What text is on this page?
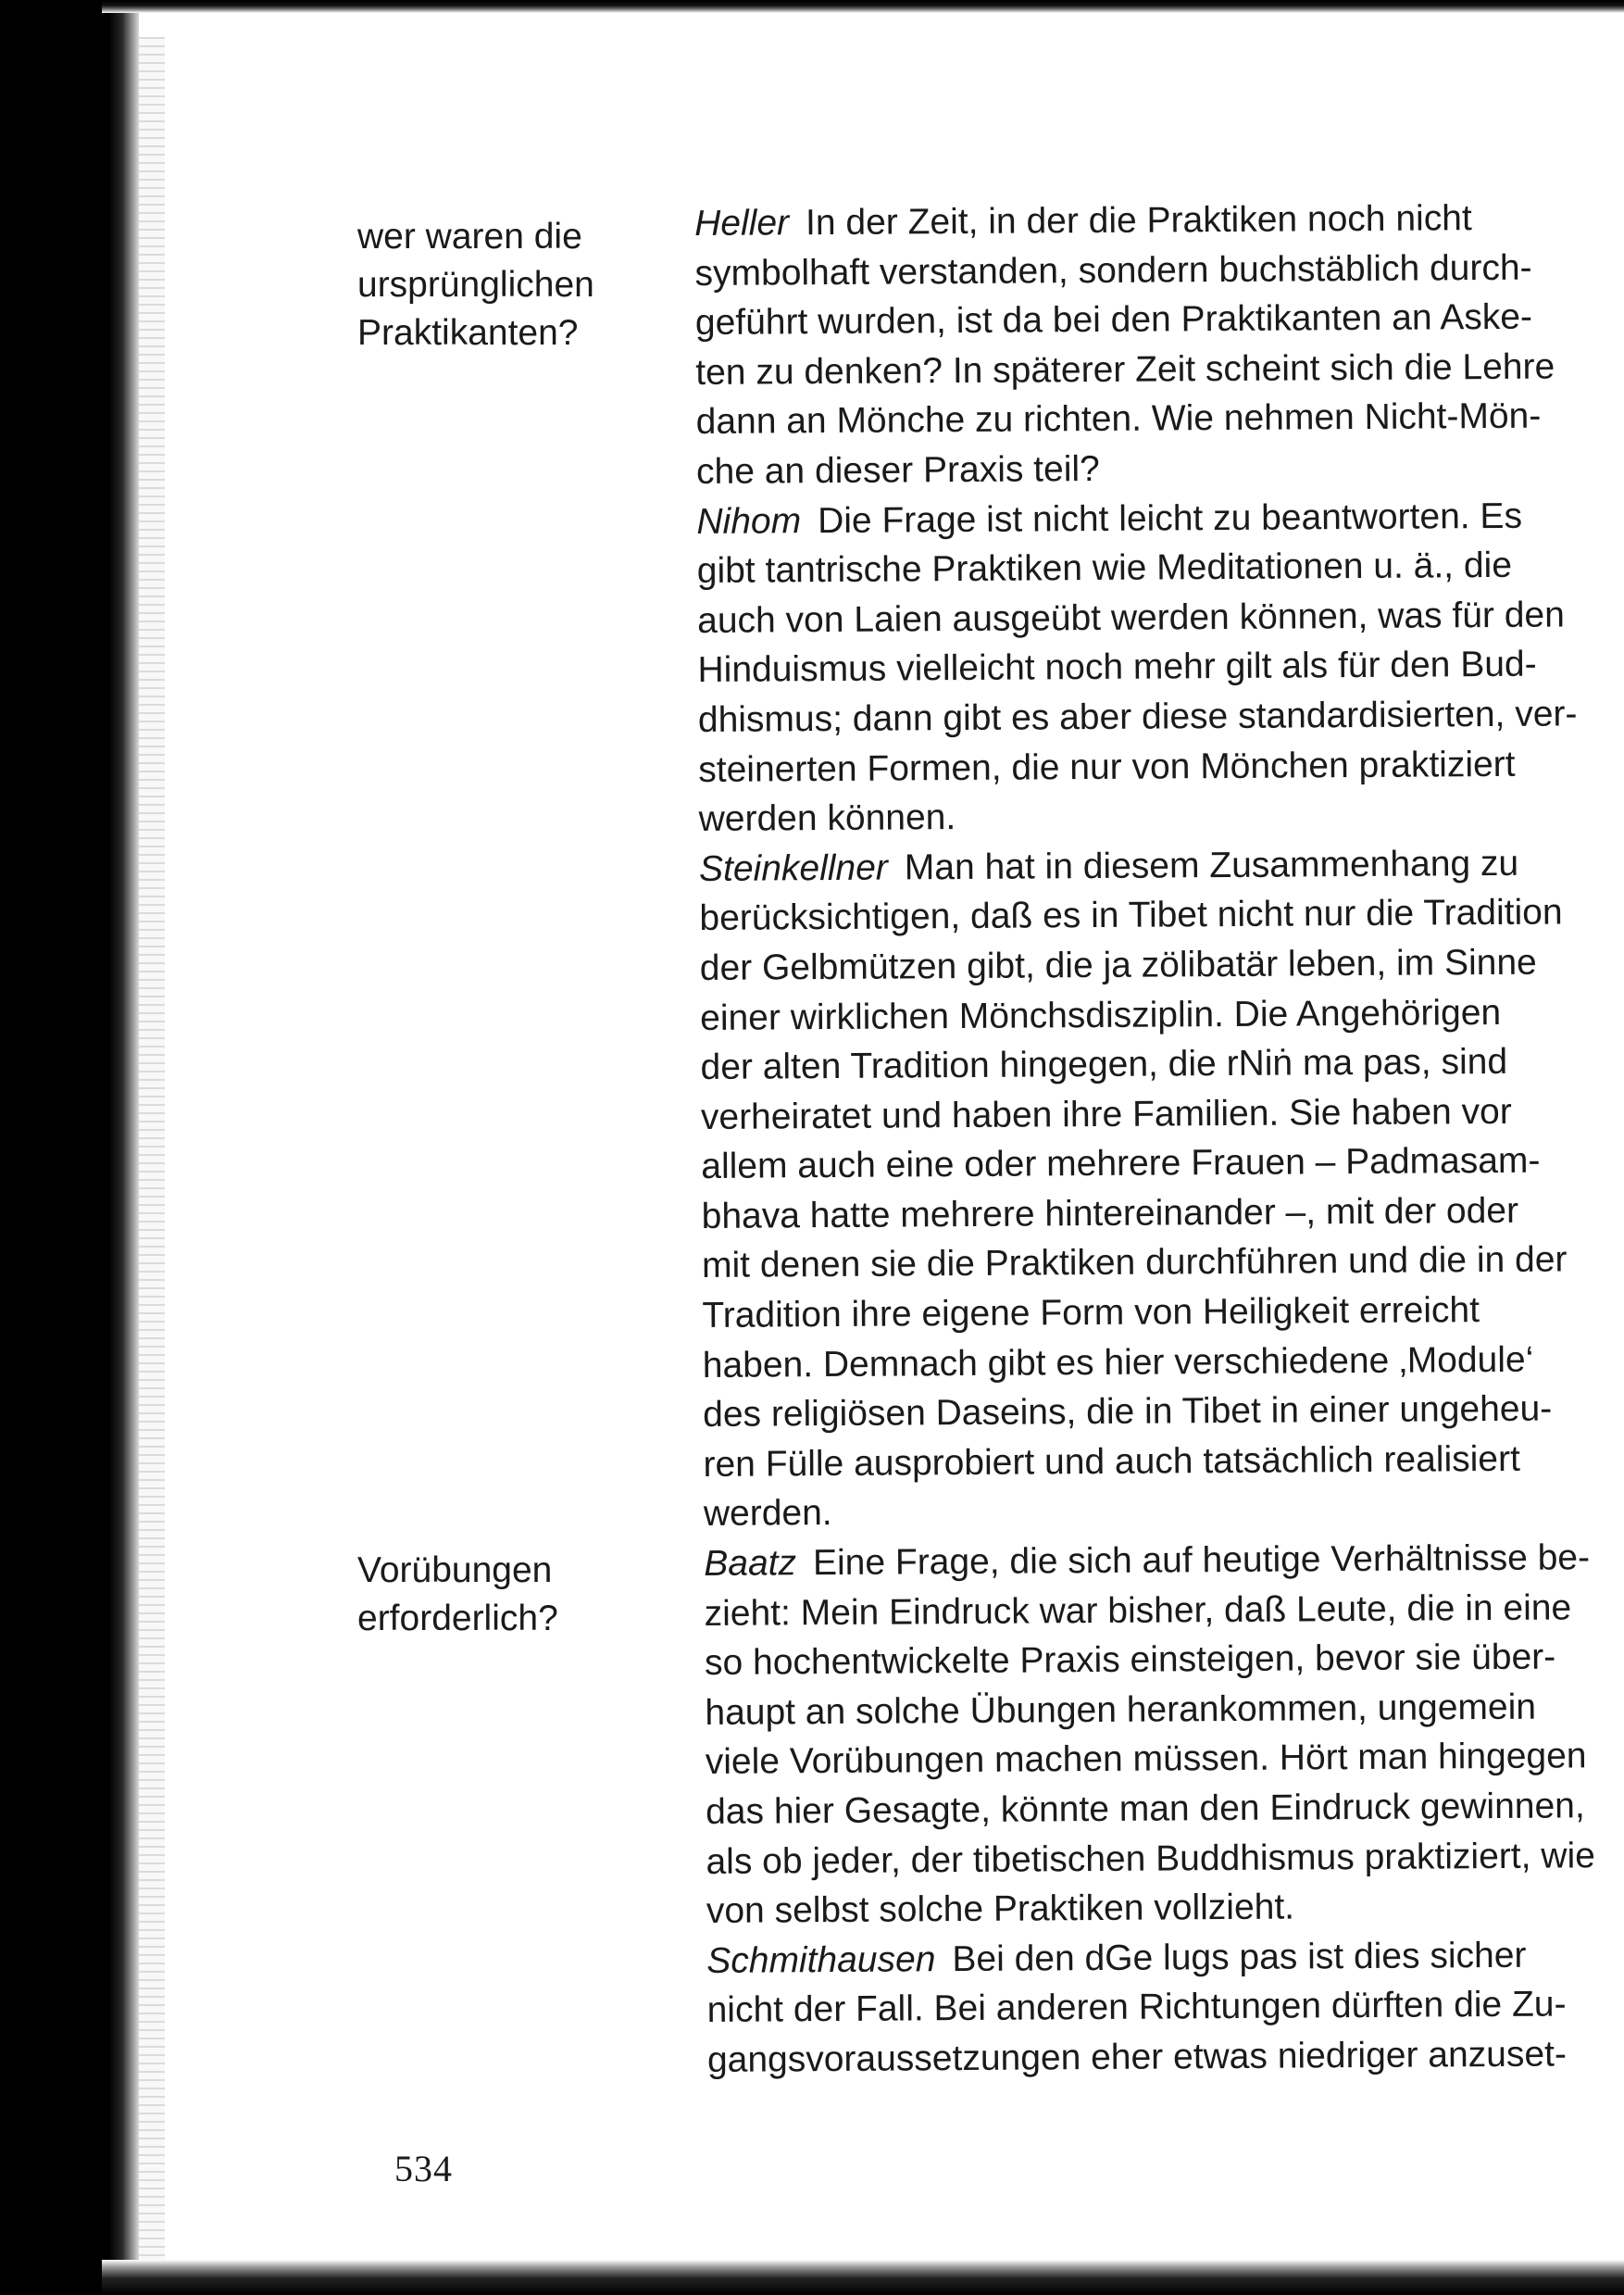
wer waren die
ursprünglichen
Praktikanten?
Vorübungen
erforderlich?
Heller In der Zeit, in der die Praktiken noch nicht
symbolhaft verstanden, sondern buchstäblich durch-
geführt wurden, ist da bei den Praktikanten an Aske-
ten zu denken? In späterer Zeit scheint sich die Lehre
dann an Mönche zu richten. Wie nehmen Nicht-Mön-
che an dieser Praxis teil?
Nihom Die Frage ist nicht leicht zu beantworten. Es
gibt tantrische Praktiken wie Meditationen u. ä., die
auch von Laien ausgeübt werden können, was für den
Hinduismus vielleicht noch mehr gilt als für den Bud-
dhismus; dann gibt es aber diese standardisierten, ver-
steinerten Formen, die nur von Mönchen praktiziert
werden können.
Steinkellner Man hat in diesem Zusammenhang zu
berücksichtigen, daß es in Tibet nicht nur die Tradition
der Gelbmützen gibt, die ja zölibatär leben, im Sinne
einer wirklichen Mönchsdisziplin. Die Angehörigen
der alten Tradition hingegen, die rNiṅ ma pas, sind
verheiratet und haben ihre Familien. Sie haben vor
allem auch eine oder mehrere Frauen – Padmasam-
bhava hatte mehrere hintereinander –, mit der oder
mit denen sie die Praktiken durchführen und die in der
Tradition ihre eigene Form von Heiligkeit erreicht
haben. Demnach gibt es hier verschiedene ‚Module‘
des religiösen Daseins, die in Tibet in einer ungeheu-
ren Fülle ausprobiert und auch tatsächlich realisiert
werden.
Baatz Eine Frage, die sich auf heutige Verhältnisse be-
zieht: Mein Eindruck war bisher, daß Leute, die in eine
so hochentwickelte Praxis einsteigen, bevor sie über-
haupt an solche Übungen herankommen, ungemein
viele Vorübungen machen müssen. Hört man hingegen
das hier Gesagte, könnte man den Eindruck gewinnen,
als ob jeder, der tibetischen Buddhismus praktiziert, wie
von selbst solche Praktiken vollzieht.
Schmithausen Bei den dGe lugs pas ist dies sicher
nicht der Fall. Bei anderen Richtungen dürften die Zu-
gangsvoraussetzungen eher etwas niedriger anzuset-
534
